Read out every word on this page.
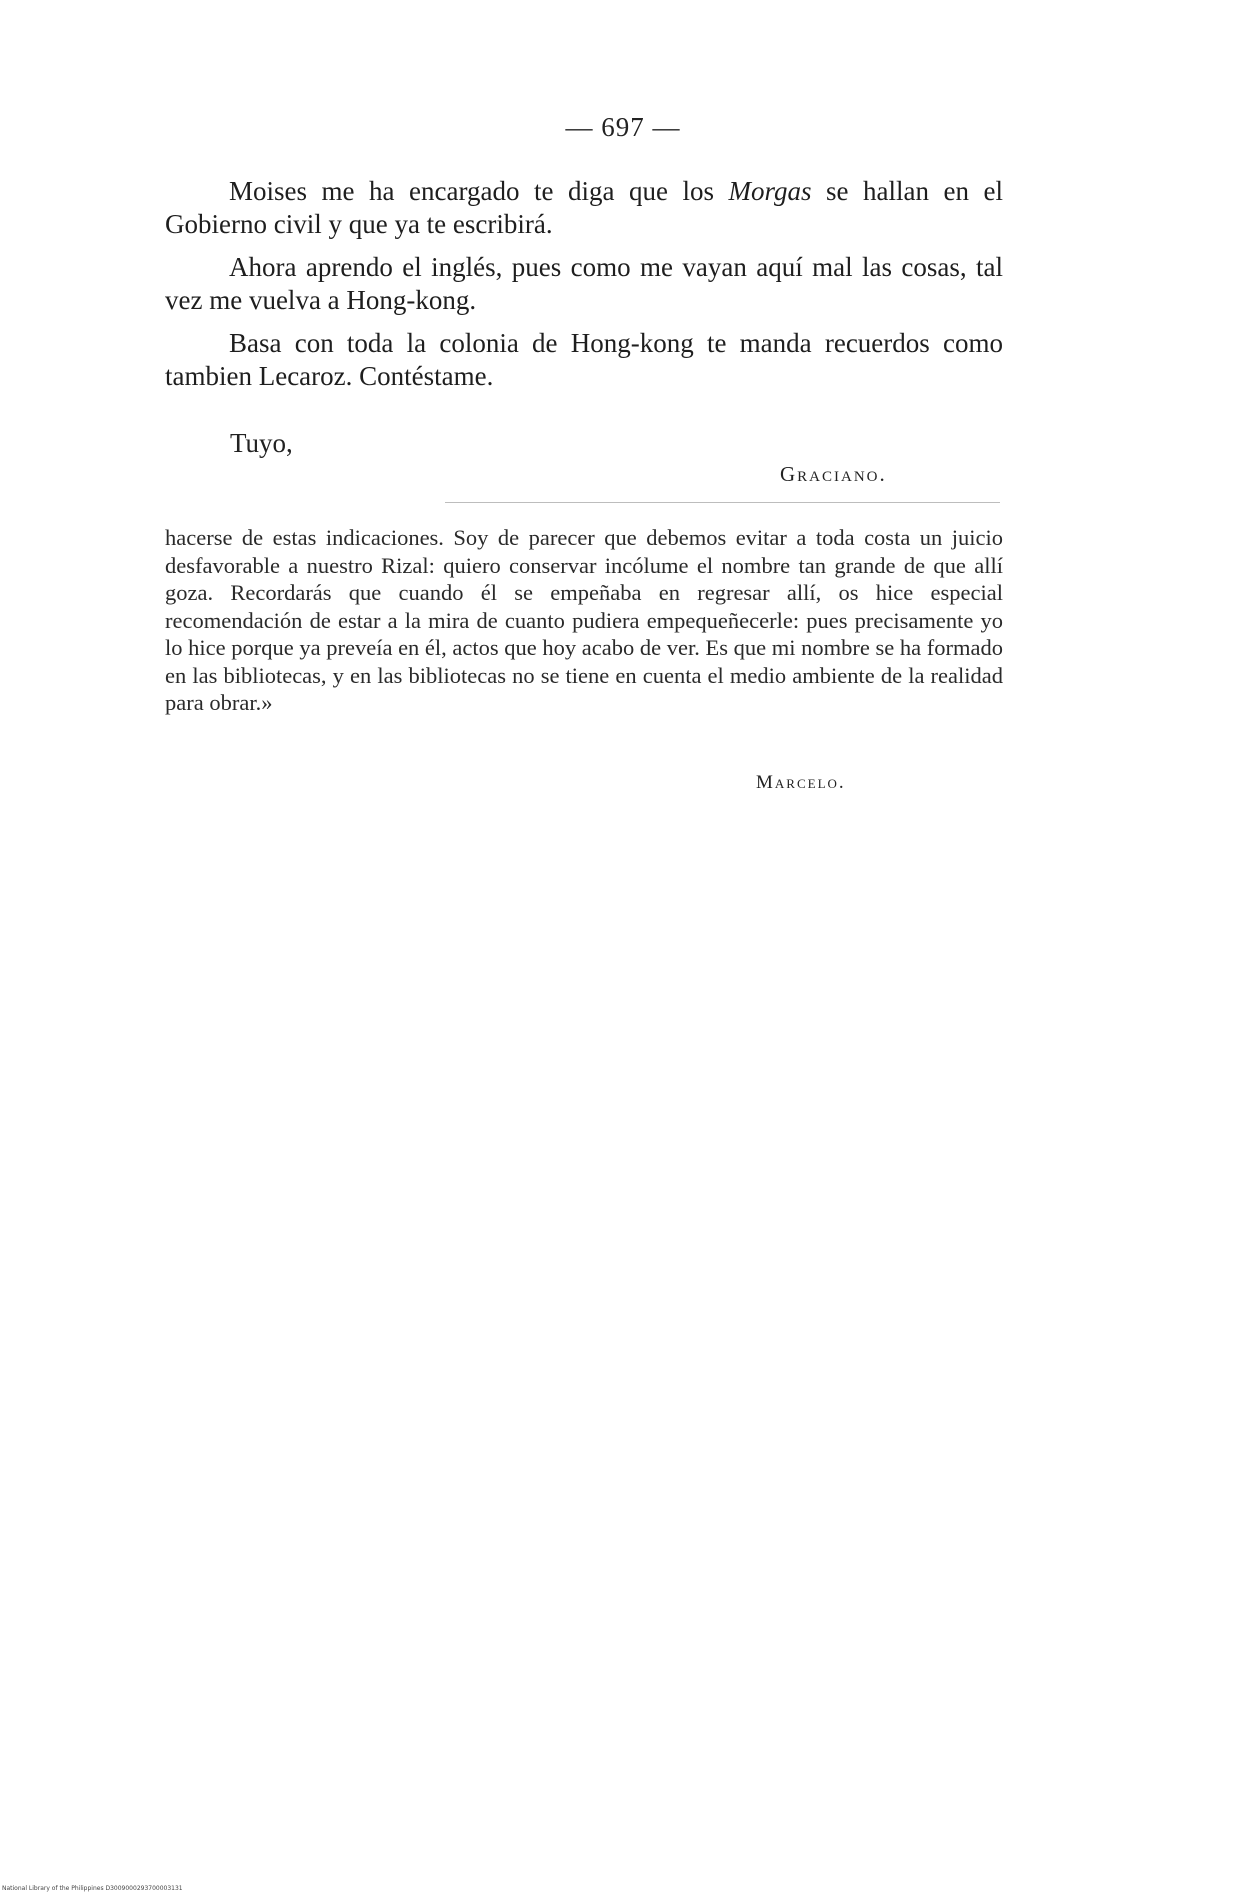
— 697 —

Moises me ha encargado te diga que los Morgas se hallan en el Gobierno civil y que ya te escribirá.

Ahora aprendo el inglés, pues como me vayan aquí mal las cosas, tal vez me vuelva a Hong-kong.

Basa con toda la colonia de Hong-kong te manda recuerdos como tambien Lecaroz. Contéstame.

Tuyo,
Graciano.

hacerse de estas indicaciones. Soy de parecer que debemos evitar a toda costa un juicio desfavorable a nuestro Rizal: quiero conservar incólume el nombre tan grande de que allí goza. Recordarás que cuando él se empeñaba en regresar allí, os hice especial recomendación de estar a la mira de cuanto pudiera empequeñecerle: pues precisamente yo lo hice porque ya preveía en él, actos que hoy acabo de ver. Es que mi nombre se ha formado en las bibliotecas, y en las bibliotecas no se tiene en cuenta el medio ambiente de la realidad para obrar.»

Marcelo.
National Library of the Philippines D3009000293700003131
